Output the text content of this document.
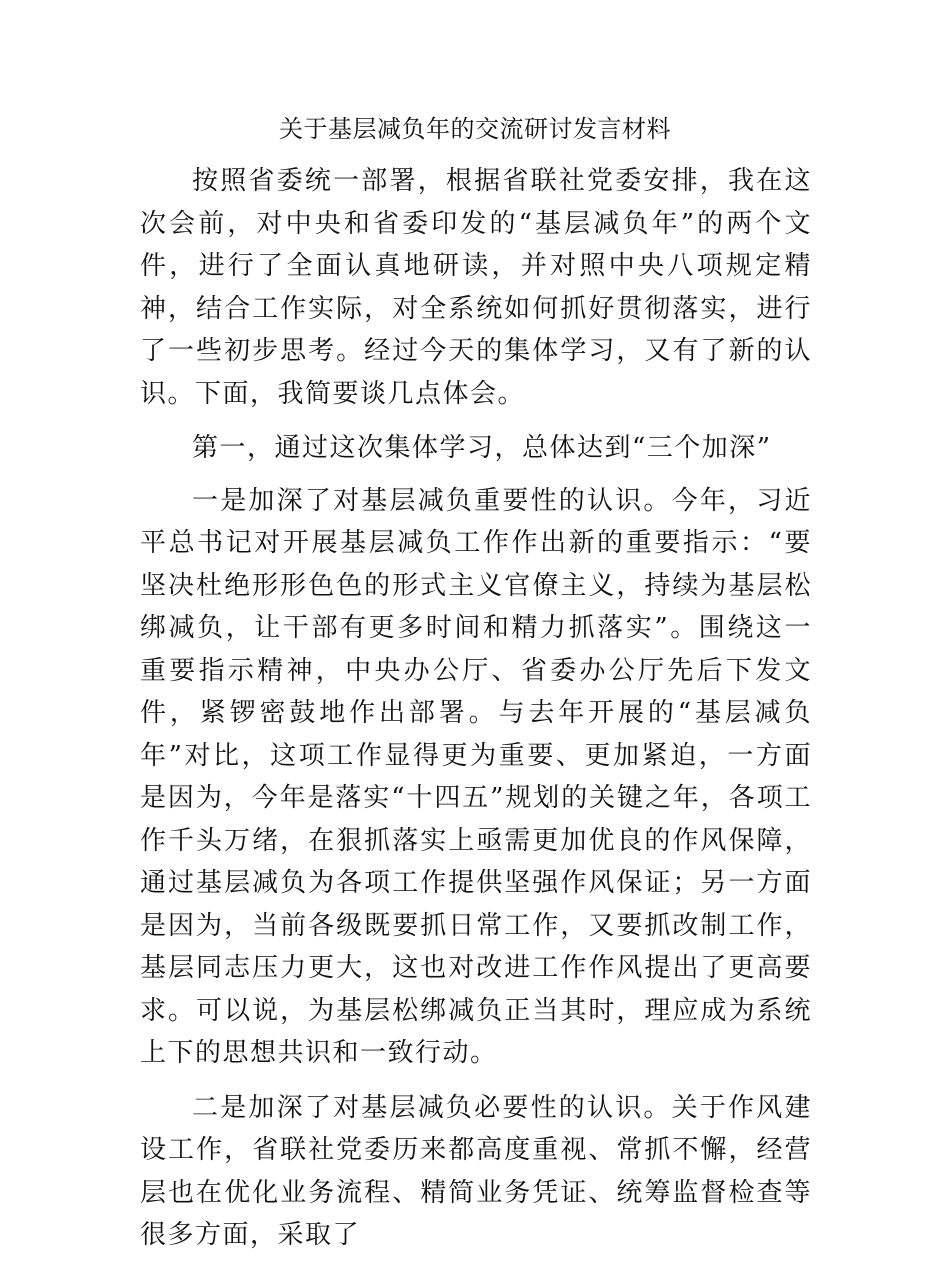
关于基层减负年的交流研讨发言材料

按照省委统一部署，根据省联社党委安排，我在这次会前，对中央和省委印发的“基层减负年”的两个文件，进行了全面认真地研读，并对照中央八项规定精神，结合工作实际，对全系统如何抓好贯彻落实，进行了一些初步思考。经过今天的集体学习，又有了新的认识。下面，我简要谈几点体会。

第一，通过这次集体学习，总体达到“三个加深”

一是加深了对基层减负重要性的认识。今年，习近平总书记对开展基层减负工作作出新的重要指示：“要坚决杜绝形形色色的形式主义官僚主义，持续为基层松绑减负，让干部有更多时间和精力抓落实”。围绕这一重要指示精神，中央办公厅、省委办公厅先后下发文件，紧锣密鼓地作出部署。与去年开展的“基层减负年”对比，这项工作显得更为重要、更加紧迫，一方面是因为，今年是落实“十四五”规划的关键之年，各项工作千头万绪，在狠抓落实上亟需更加优良的作风保障，通过基层减负为各项工作提供坚强作风保证；另一方面是因为，当前各级既要抓日常工作，又要抓改制工作，基层同志压力更大，这也对改进工作作风提出了更高要求。可以说，为基层松绑减负正当其时，理应成为系统上下的思想共识和一致行动。

二是加深了对基层减负必要性的认识。关于作风建设工作，省联社党委历来都高度重视、常抓不懈，经营层也在优化业务流程、精简业务凭证、统筹监督检查等很多方面，采取了
